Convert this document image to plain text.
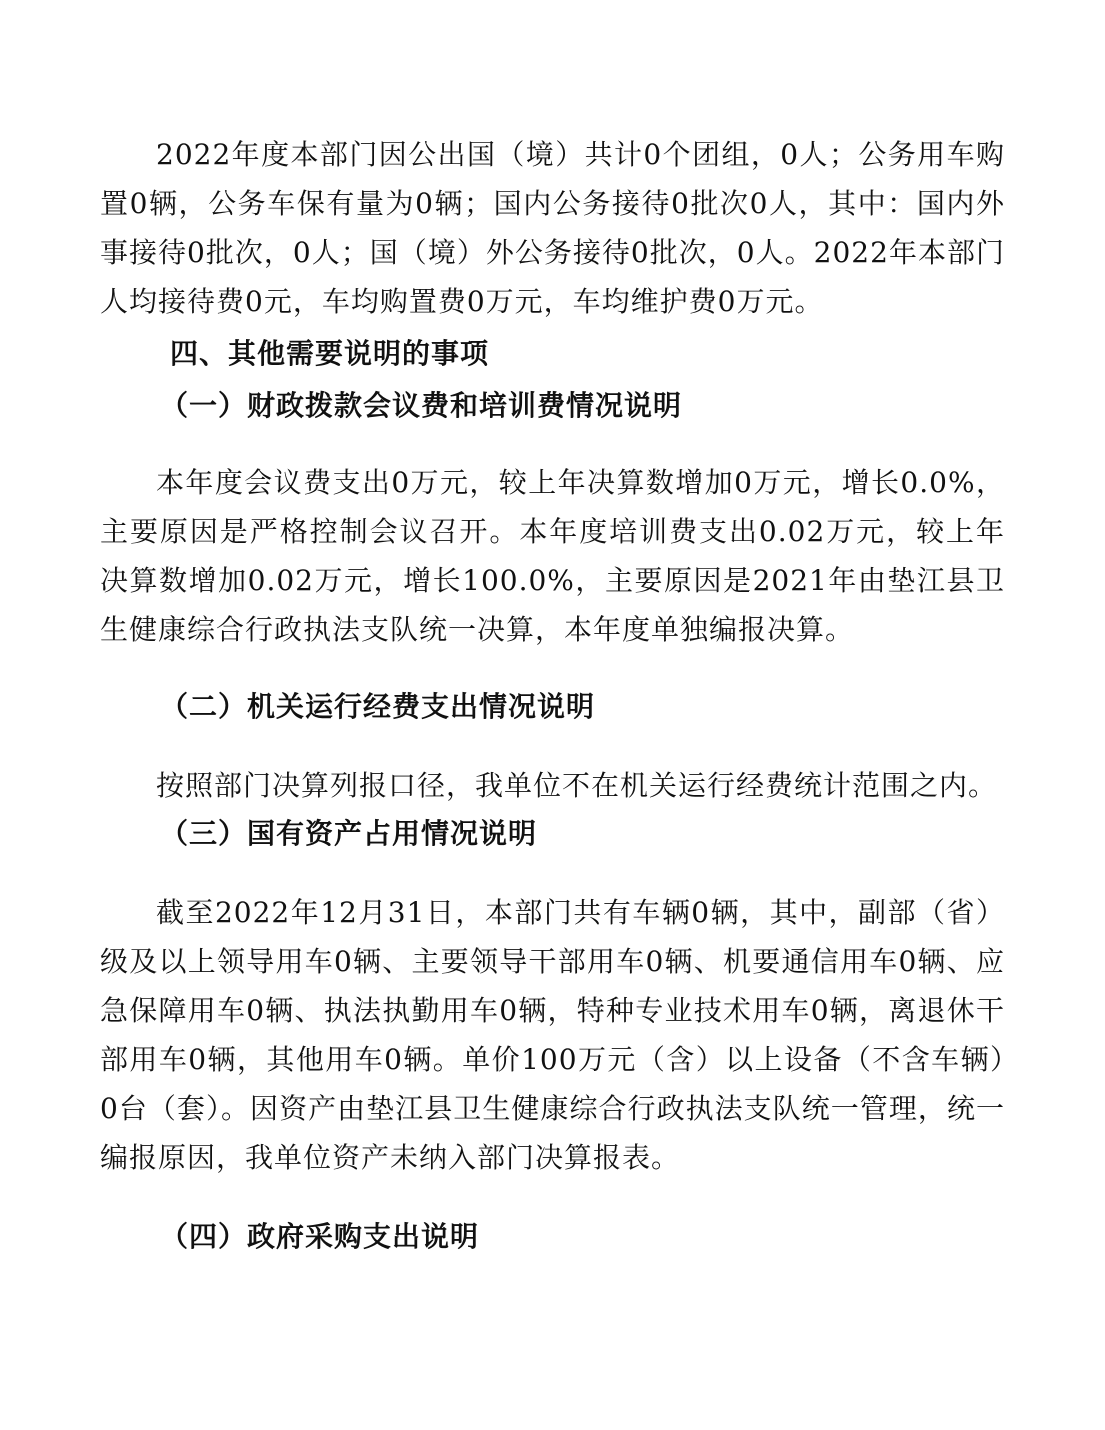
2022年度本部门因公出国（境）共计0个团组，0人；公务用车购置0辆，公务车保有量为0辆；国内公务接待0批次0人，其中：国内外事接待0批次，0人；国（境）外公务接待0批次，0人。2022年本部门人均接待费0元，车均购置费0万元，车均维护费0万元。

四、其他需要说明的事项
（一）财政拨款会议费和培训费情况说明

本年度会议费支出0万元，较上年决算数增加0万元，增长0.0%，主要原因是严格控制会议召开。本年度培训费支出0.02万元，较上年决算数增加0.02万元，增长100.0%，主要原因是2021年由垫江县卫生健康综合行政执法支队统一决算，本年度单独编报决算。

（二）机关运行经费支出情况说明

按照部门决算列报口径，我单位不在机关运行经费统计范围之内。

（三）国有资产占用情况说明

截至2022年12月31日，本部门共有车辆0辆，其中，副部（省）级及以上领导用车0辆、主要领导干部用车0辆、机要通信用车0辆、应急保障用车0辆、执法执勤用车0辆，特种专业技术用车0辆，离退休干部用车0辆，其他用车0辆。单价100万元（含）以上设备（不含车辆）0台（套）。因资产由垫江县卫生健康综合行政执法支队统一管理，统一编报原因，我单位资产未纳入部门决算报表。

（四）政府采购支出说明
